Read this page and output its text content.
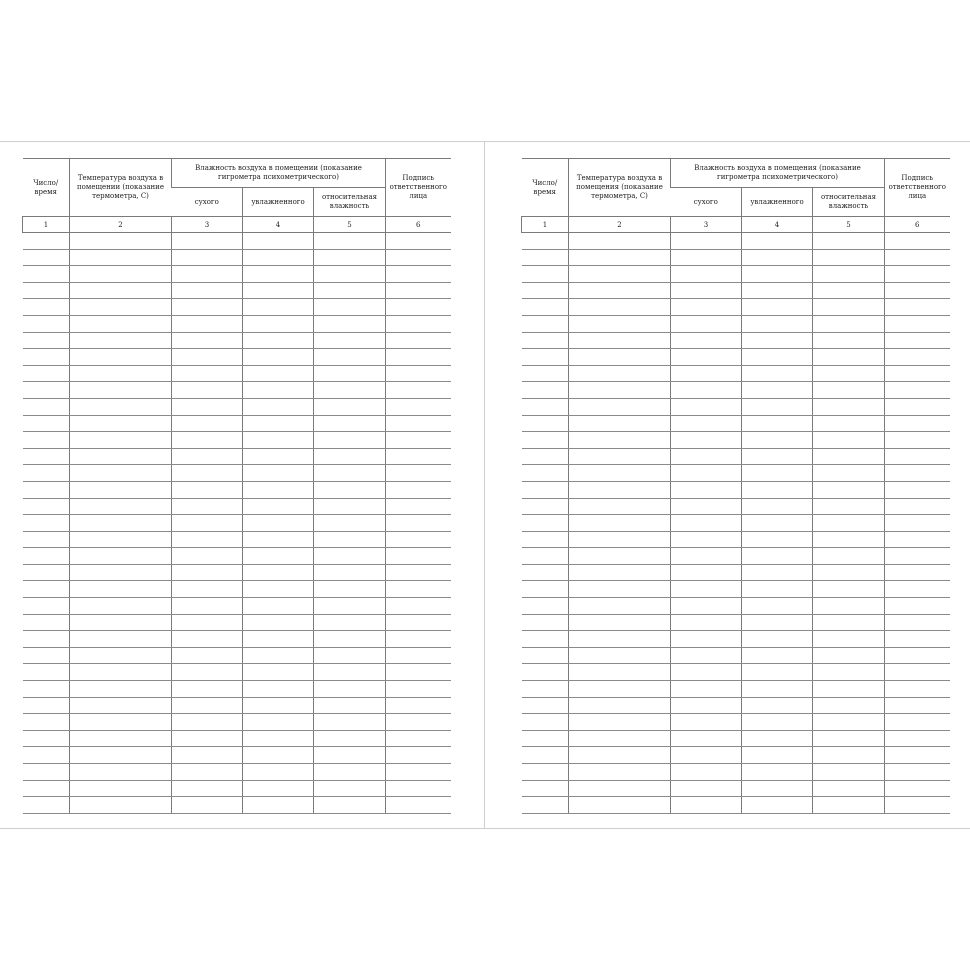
Число/ время	Температура воздуха в помещении (показание термометра, С)	Влажность воздуха в помещении (показание гигрометра психометрического)			Подпись ответственного лица
		сухого	увлажненного	относительная влажность	
1	2	3	4	5	6

Число/ время	Температура воздуха в помещения (показание термометра, С)	Влажность воздуха в помещения (показание гигрометра психометрического)			Подпись ответственного лица
		сухого	увлажненного	относительная влажность	
1	2	3	4	5	6
